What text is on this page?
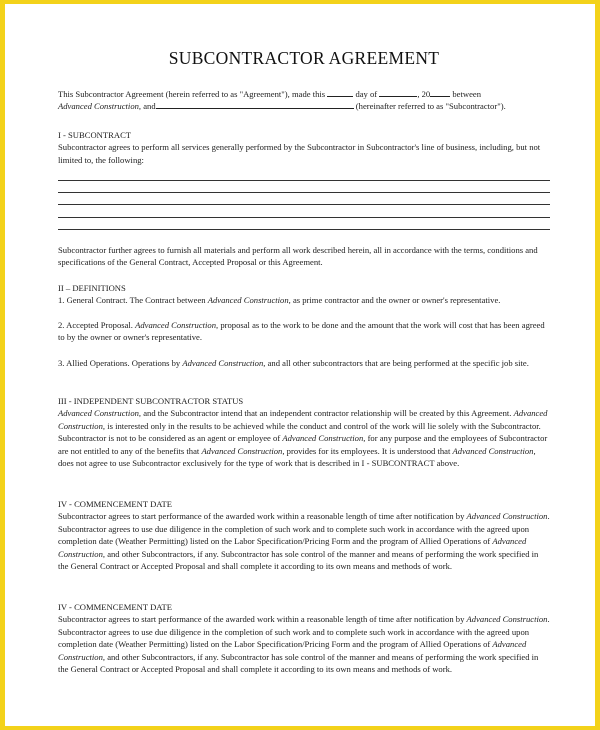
SUBCONTRACTOR AGREEMENT

This Subcontractor Agreement (herein referred to as "Agreement"), made this	day of	, 20	between

Advanced Construction, and	(hereinafter referred to as "Subcontractor").

I - SUBCONTRACT

Subcontractor agrees to perform all services generally performed by the Subcontractor in Subcontractor's line of business, including, but not limited to, the following:

Subcontractor further agrees to furnish all materials and perform all work described herein, all in accordance with the terms, conditions and specifications of the General Contract, Accepted Proposal or this Agreement.

II – DEFINITIONS

1. General Contract. The Contract between Advanced Construction, as prime contractor and the owner or owner's representative.

2. Accepted Proposal. Advanced Construction, proposal as to the work to be done and the amount that the work will cost that has been agreed to by the owner or owner's representative.

3. Allied Operations. Operations by Advanced Construction, and all other subcontractors that are being performed at the specific job site.

III - INDEPENDENT SUBCONTRACTOR STATUS

Advanced Construction, and the Subcontractor intend that an independent contractor relationship will be created by this Agreement. Advanced Construction, is interested only in the results to be achieved while the conduct and control of the work will lie solely with the Subcontractor. Subcontractor is not to be considered as an agent or employee of Advanced Construction, for any purpose and the employees of Subcontractor are not entitled to any of the benefits that Advanced Construction, provides for its employees. It is understood that Advanced Construction, does not agree to use Subcontractor exclusively for the type of work that is described in I - SUBCONTRACT above.

IV - COMMENCEMENT DATE

Subcontractor agrees to start performance of the awarded work within a reasonable length of time after notification by Advanced Construction. Subcontractor agrees to use due diligence in the completion of such work and to complete such work in accordance with the agreed upon completion date (Weather Permitting) listed on the Labor Specification/Pricing Form and the program of Allied Operations of Advanced Construction, and other Subcontractors, if any. Subcontractor has sole control of the manner and means of performing the work specified in the General Contract or Accepted Proposal and shall complete it according to its own means and methods of work.

IV - COMMENCEMENT DATE

Subcontractor agrees to start performance of the awarded work within a reasonable length of time after notification by Advanced Construction. Subcontractor agrees to use due diligence in the completion of such work and to complete such work in accordance with the agreed upon completion date (Weather Permitting) listed on the Labor Specification/Pricing Form and the program of Allied Operations of Advanced Construction, and other Subcontractors, if any. Subcontractor has sole control of the manner and means of performing the work specified in the General Contract or Accepted Proposal and shall complete it according to its own means and methods of work.
